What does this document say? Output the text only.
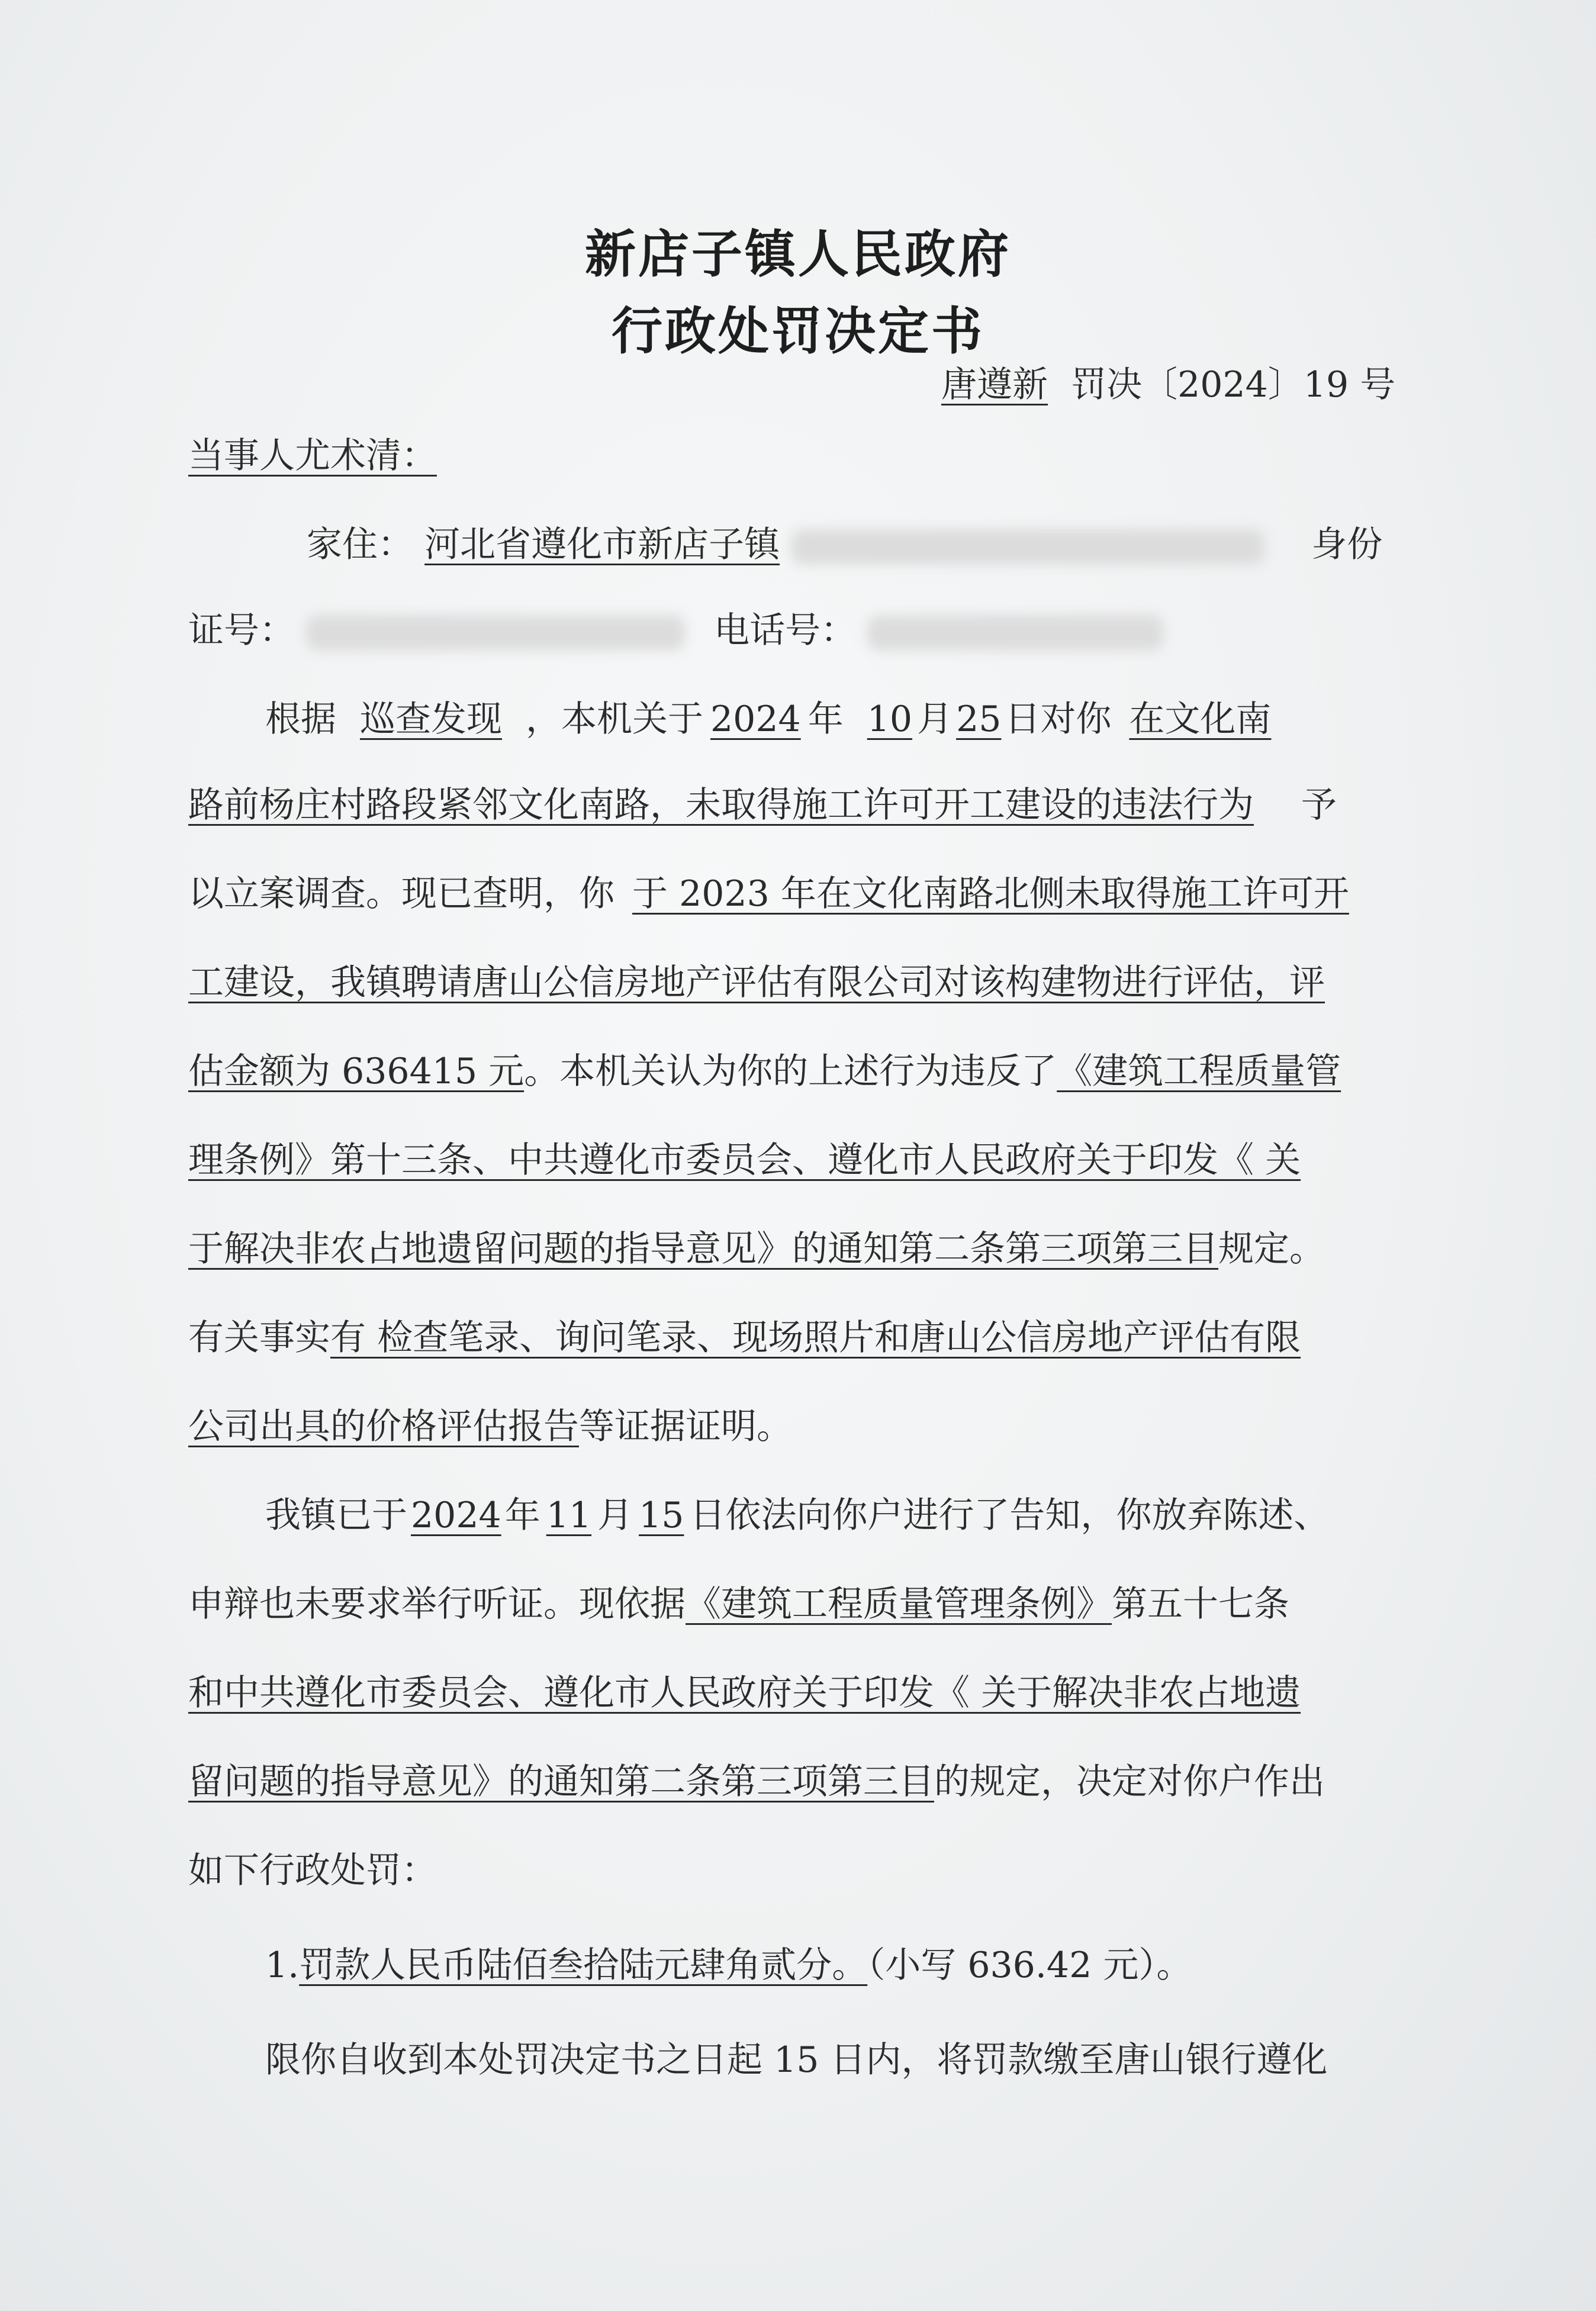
新店子镇人民政府
行政处罚决定书
唐遵新 罚决〔2024〕19 号
当事人尤术清：
家住： 河北省遵化市新店子镇	身份
证号：	电话号：
根据 巡查发现 ，本机关于 2024 年 10 月 25 日对你 在文化南
路前杨庄村路段紧邻文化南路，未取得施工许可开工建设的违法行为 予
以立案调查。现已查明，你 于 2023 年在文化南路北侧未取得施工许可开
工建设，我镇聘请唐山公信房地产评估有限公司对该构建物进行评估，评
估金额为 636415 元。本机关认为你的上述行为违反了《建筑工程质量管
理条例》第十三条、中共遵化市委员会、遵化市人民政府关于印发《 关
于解决非农占地遗留问题的指导意见》的通知第二条第三项第三目规定。
有关事实有 检查笔录、询问笔录、现场照片和唐山公信房地产评估有限
公司出具的价格评估报告等证据证明。
我镇已于 2024 年 11 月 15 日依法向你户进行了告知，你放弃陈述、
申辩也未要求举行听证。现依据《建筑工程质量管理条例》第五十七条
和中共遵化市委员会、遵化市人民政府关于印发《 关于解决非农占地遗
留问题的指导意见》的通知第二条第三项第三目的规定，决定对你户作出
如下行政处罚：
1.罚款人民币陆佰叁拾陆元肆角贰分。（小写 636.42 元）。
限你自收到本处罚决定书之日起 15 日内，将罚款缴至唐山银行遵化
